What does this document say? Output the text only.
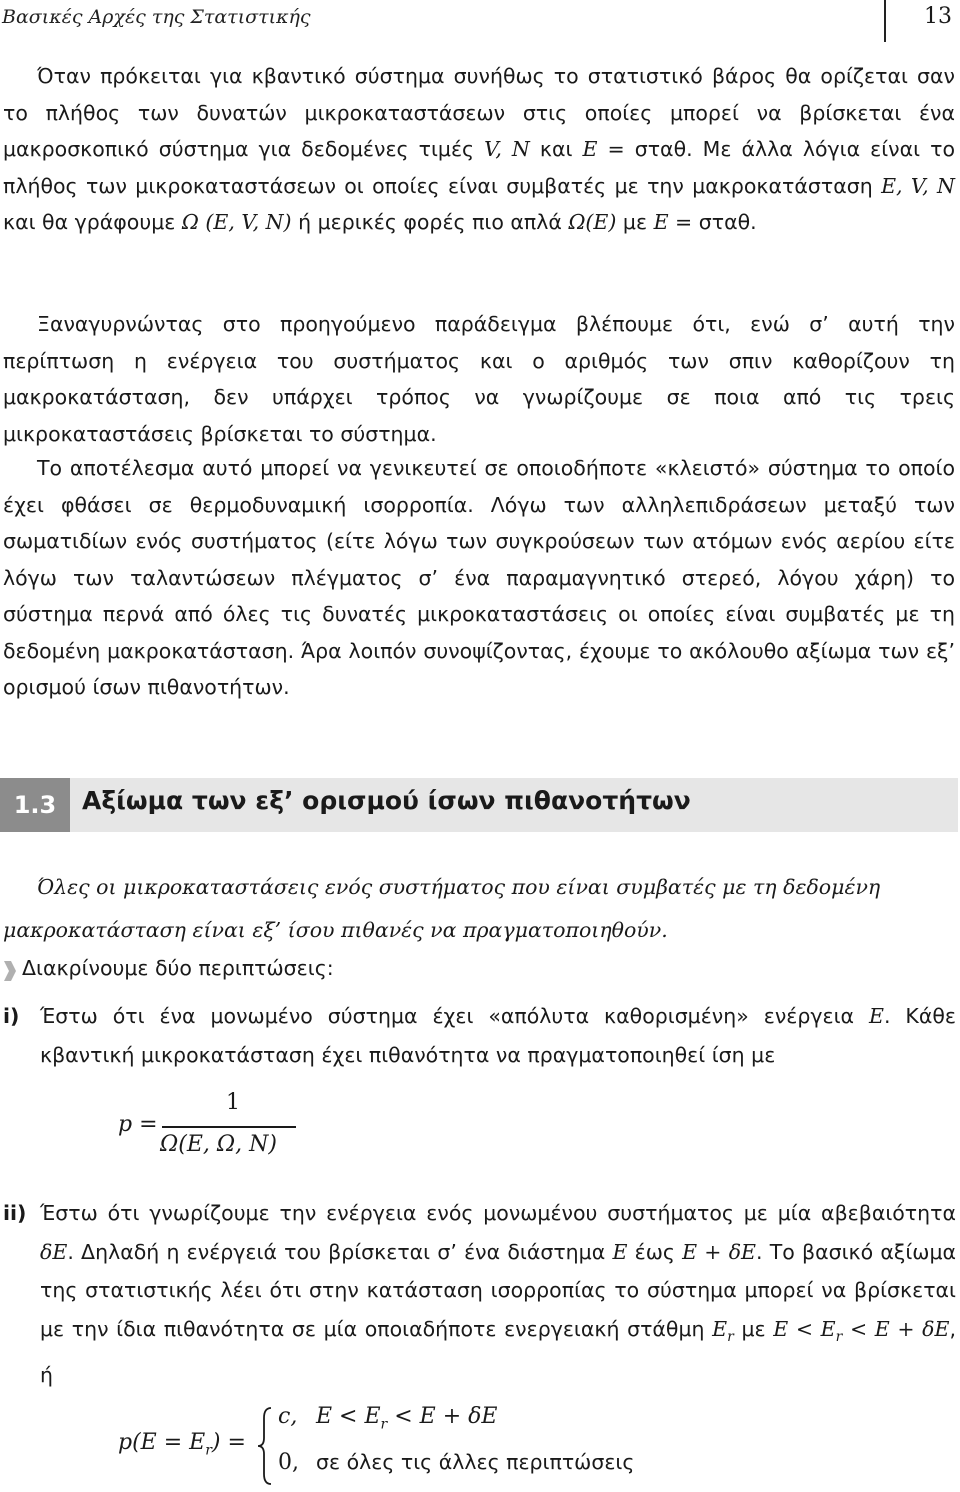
Βασικές Αρχές της Στατιστικής	13

Όταν πρόκειται για κβαντικό σύστημα συνήθως το στατιστικό βάρος θα ορίζεται σαν το πλήθος των δυνατών μικροκαταστάσεων στις οποίες μπορεί να βρίσκεται ένα μακροσκοπικό σύστημα για δεδομένες τιμές V, N και E = σταθ. Με άλλα λόγια είναι το πλήθος των μικροκαταστάσεων οι οποίες είναι συμβατές με την μακροκατάσταση E, V, N και θα γράφουμε Ω (E, V, N) ή μερικές φορές πιο απλά Ω(E) με E = σταθ.

Ξαναγυρνώντας στο προηγούμενο παράδειγμα βλέπουμε ότι, ενώ σ’ αυτή την περίπτωση η ενέργεια του συστήματος και ο αριθμός των σπιν καθορίζουν τη μακροκατάσταση, δεν υπάρχει τρόπος να γνωρίζουμε σε ποια από τις τρεις μικροκαταστάσεις βρίσκεται το σύστημα.

Το αποτέλεσμα αυτό μπορεί να γενικευτεί σε οποιοδήποτε «κλειστό» σύστημα το οποίο έχει φθάσει σε θερμοδυναμική ισορροπία. Λόγω των αλληλεπιδράσεων μεταξύ των σωματιδίων ενός συστήματος (είτε λόγω των συγκρούσεων των ατόμων ενός αερίου είτε λόγω των ταλαντώσεων πλέγματος σ’ ένα παραμαγνητικό στερεό, λόγου χάρη) το σύστημα περνά από όλες τις δυνατές μικροκαταστάσεις οι οποίες είναι συμβατές με τη δεδομένη μακροκατάσταση. Άρα λοιπόν συνοψίζοντας, έχουμε το ακόλουθο αξίωμα των εξ’ ορισμού ίσων πιθανοτήτων.

1.3	Αξίωμα των εξ’ ορισμού ίσων πιθανοτήτων

Όλες οι μικροκαταστάσεις ενός συστήματος που είναι συμβατές με τη δεδομένη μακροκατάσταση είναι εξ’ ίσου πιθανές να πραγματοποιηθούν.

Διακρίνουμε δύο περιπτώσεις:
i) Έστω ότι ένα μονωμένο σύστημα έχει «απόλυτα καθορισμένη» ενέργεια E. Κάθε κβαντική μικροκατάσταση έχει πιθανότητα να πραγματοποιηθεί ίση με

p =
1
Ω(E, Ω, N)
ii) Έστω ότι γνωρίζουμε την ενέργεια ενός μονωμένου συστήματος με μία αβεβαιότητα δE. Δηλαδή η ενέργειά του βρίσκεται σ’ ένα διάστημα E έως E + δE. Το βασικό αξίωμα της στατιστικής λέει ότι στην κατάσταση ισορροπίας το σύστημα μπορεί να βρίσκεται με την ίδια πιθανότητα σε μία οποιαδήποτε ενεργειακή στάθμη $E_r$ με $E < E_r < E + \delta E$, ή

$p(E = E_r)$ =
c, $E < E_r < E + \delta E$
0, σε όλες τις άλλες περιπτώσεις
